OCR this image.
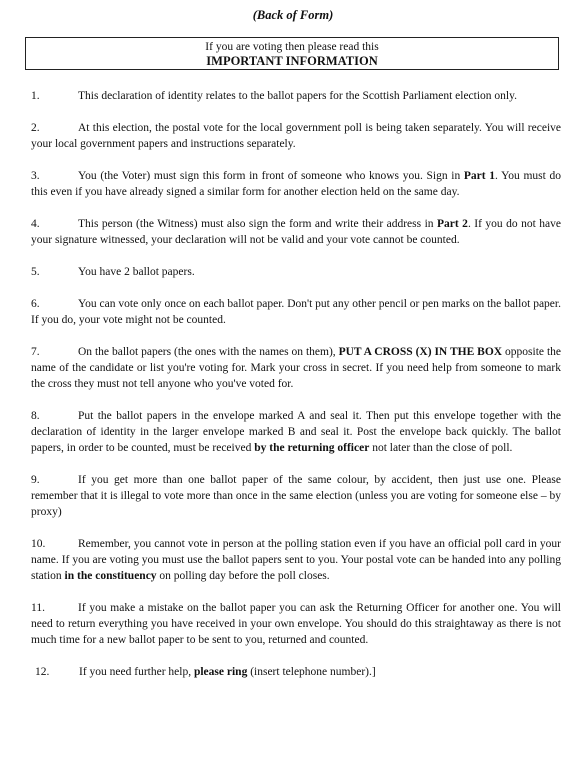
(Back of Form)
If you are voting then please read this
IMPORTANT INFORMATION
1.	This declaration of identity relates to the ballot papers for the Scottish Parliament election only.
2.	At this election, the postal vote for the local government poll is being taken separately. You will receive your local government papers and instructions separately.
3.	You (the Voter) must sign this form in front of someone who knows you. Sign in Part 1. You must do this even if you have already signed a similar form for another election held on the same day.
4.	This person (the Witness) must also sign the form and write their address in Part 2. If you do not have your signature witnessed, your declaration will not be valid and your vote cannot be counted.
5.	You have 2 ballot papers.
6.	You can vote only once on each ballot paper. Don't put any other pencil or pen marks on the ballot paper. If you do, your vote might not be counted.
7.	On the ballot papers (the ones with the names on them), PUT A CROSS (X) IN THE BOX opposite the name of the candidate or list you're voting for. Mark your cross in secret. If you need help from someone to mark the cross they must not tell anyone who you've voted for.
8.	Put the ballot papers in the envelope marked A and seal it. Then put this envelope together with the declaration of identity in the larger envelope marked B and seal it. Post the envelope back quickly. The ballot papers, in order to be counted, must be received by the returning officer not later than the close of poll.
9.	If you get more than one ballot paper of the same colour, by accident, then just use one. Please remember that it is illegal to vote more than once in the same election (unless you are voting for someone else – by proxy)
10.	Remember, you cannot vote in person at the polling station even if you have an official poll card in your name. If you are voting you must use the ballot papers sent to you. Your postal vote can be handed into any polling station in the constituency on polling day before the poll closes.
11.	If you make a mistake on the ballot paper you can ask the Returning Officer for another one. You will need to return everything you have received in your own envelope. You should do this straightaway as there is not much time for a new ballot paper to be sent to you, returned and counted.
12.	If you need further help, please ring (insert telephone number).]
